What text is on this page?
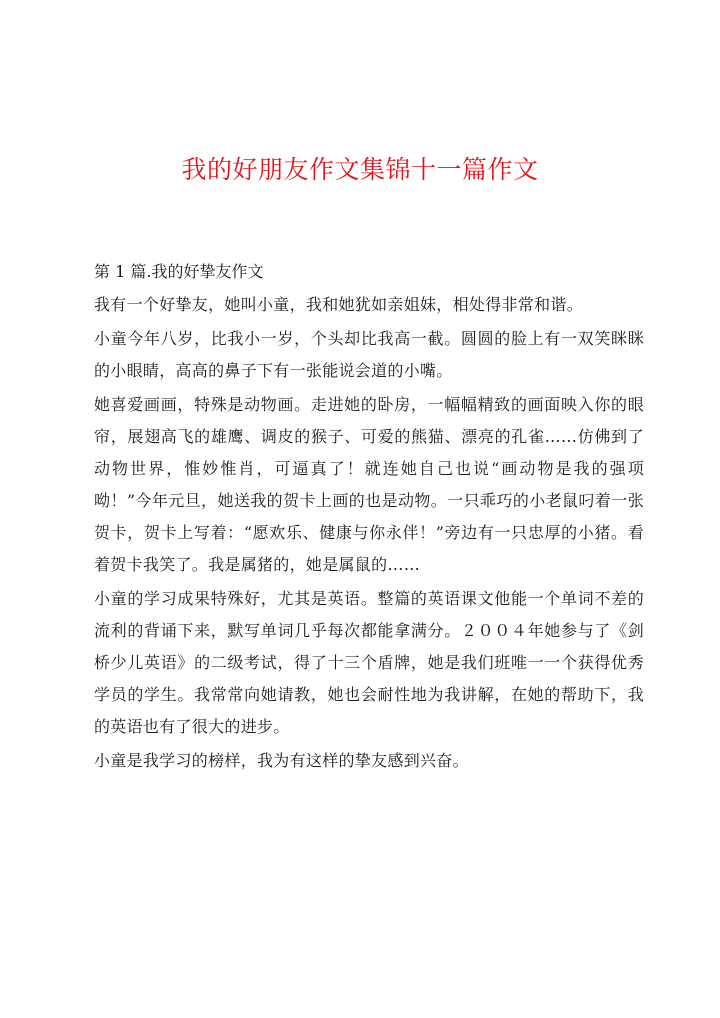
我的好朋友作文集锦十一篇作文

第 1 篇.我的好挚友作文

我有一个好挚友，她叫小童，我和她犹如亲姐妹，相处得非常和谐。

小童今年八岁，比我小一岁，个头却比我高一截。圆圆的脸上有一双笑眯眯的小眼睛，高高的鼻子下有一张能说会道的小嘴。

她喜爱画画，特殊是动物画。走进她的卧房，一幅幅精致的画面映入你的眼帘，展翅高飞的雄鹰、调皮的猴子、可爱的熊猫、漂亮的孔雀……仿佛到了动物世界，惟妙惟肖，可逼真了！就连她自己也说“画动物是我的强项呦！”今年元旦，她送我的贺卡上画的也是动物。一只乖巧的小老鼠叼着一张贺卡，贺卡上写着：“愿欢乐、健康与你永伴！”旁边有一只忠厚的小猪。看着贺卡我笑了。我是属猪的，她是属鼠的……

小童的学习成果特殊好，尤其是英语。整篇的英语课文他能一个单词不差的流利的背诵下来，默写单词几乎每次都能拿满分。２００４年她参与了《剑桥少儿英语》的二级考试，得了十三个盾牌，她是我们班唯一一个获得优秀学员的学生。我常常向她请教，她也会耐性地为我讲解，在她的帮助下，我的英语也有了很大的进步。

小童是我学习的榜样，我为有这样的挚友感到兴奋。
